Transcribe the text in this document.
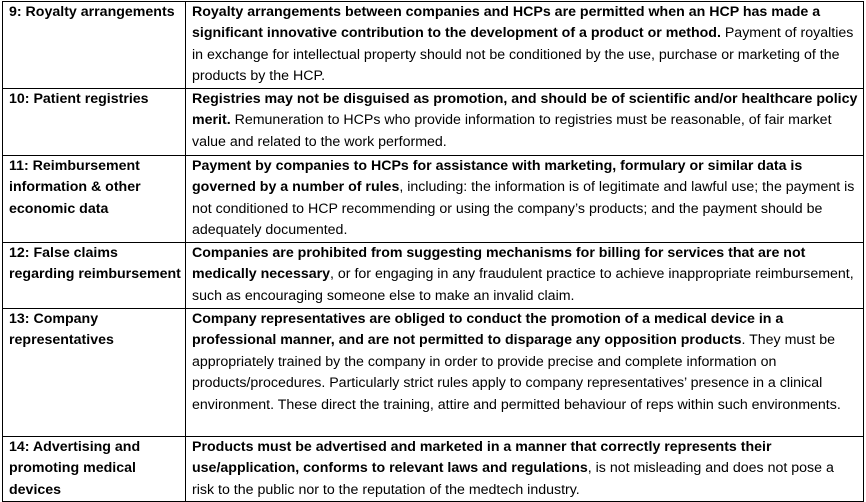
9: Royalty arrangements	Royalty arrangements between companies and HCPs are permitted when an HCP has made a significant innovative contribution to the development of a product or method. Payment of royalties in exchange for intellectual property should not be conditioned by the use, purchase or marketing of the products by the HCP.
10: Patient registries	Registries may not be disguised as promotion, and should be of scientific and/or healthcare policy merit. Remuneration to HCPs who provide information to registries must be reasonable, of fair market value and related to the work performed.
11: Reimbursement information & other economic data	Payment by companies to HCPs for assistance with marketing, formulary or similar data is governed by a number of rules, including: the information is of legitimate and lawful use; the payment is not conditioned to HCP recommending or using the company’s products; and the payment should be adequately documented.
12: False claims regarding reimbursement	Companies are prohibited from suggesting mechanisms for billing for services that are not medically necessary, or for engaging in any fraudulent practice to achieve inappropriate reimbursement, such as encouraging someone else to make an invalid claim.
13: Company representatives	Company representatives are obliged to conduct the promotion of a medical device in a professional manner, and are not permitted to disparage any opposition products. They must be appropriately trained by the company in order to provide precise and complete information on products/procedures. Particularly strict rules apply to company representatives’ presence in a clinical environment. These direct the training, attire and permitted behaviour of reps within such environments.
14: Advertising and promoting medical devices	Products must be advertised and marketed in a manner that correctly represents their use/application, conforms to relevant laws and regulations, is not misleading and does not pose a risk to the public nor to the reputation of the medtech industry.
